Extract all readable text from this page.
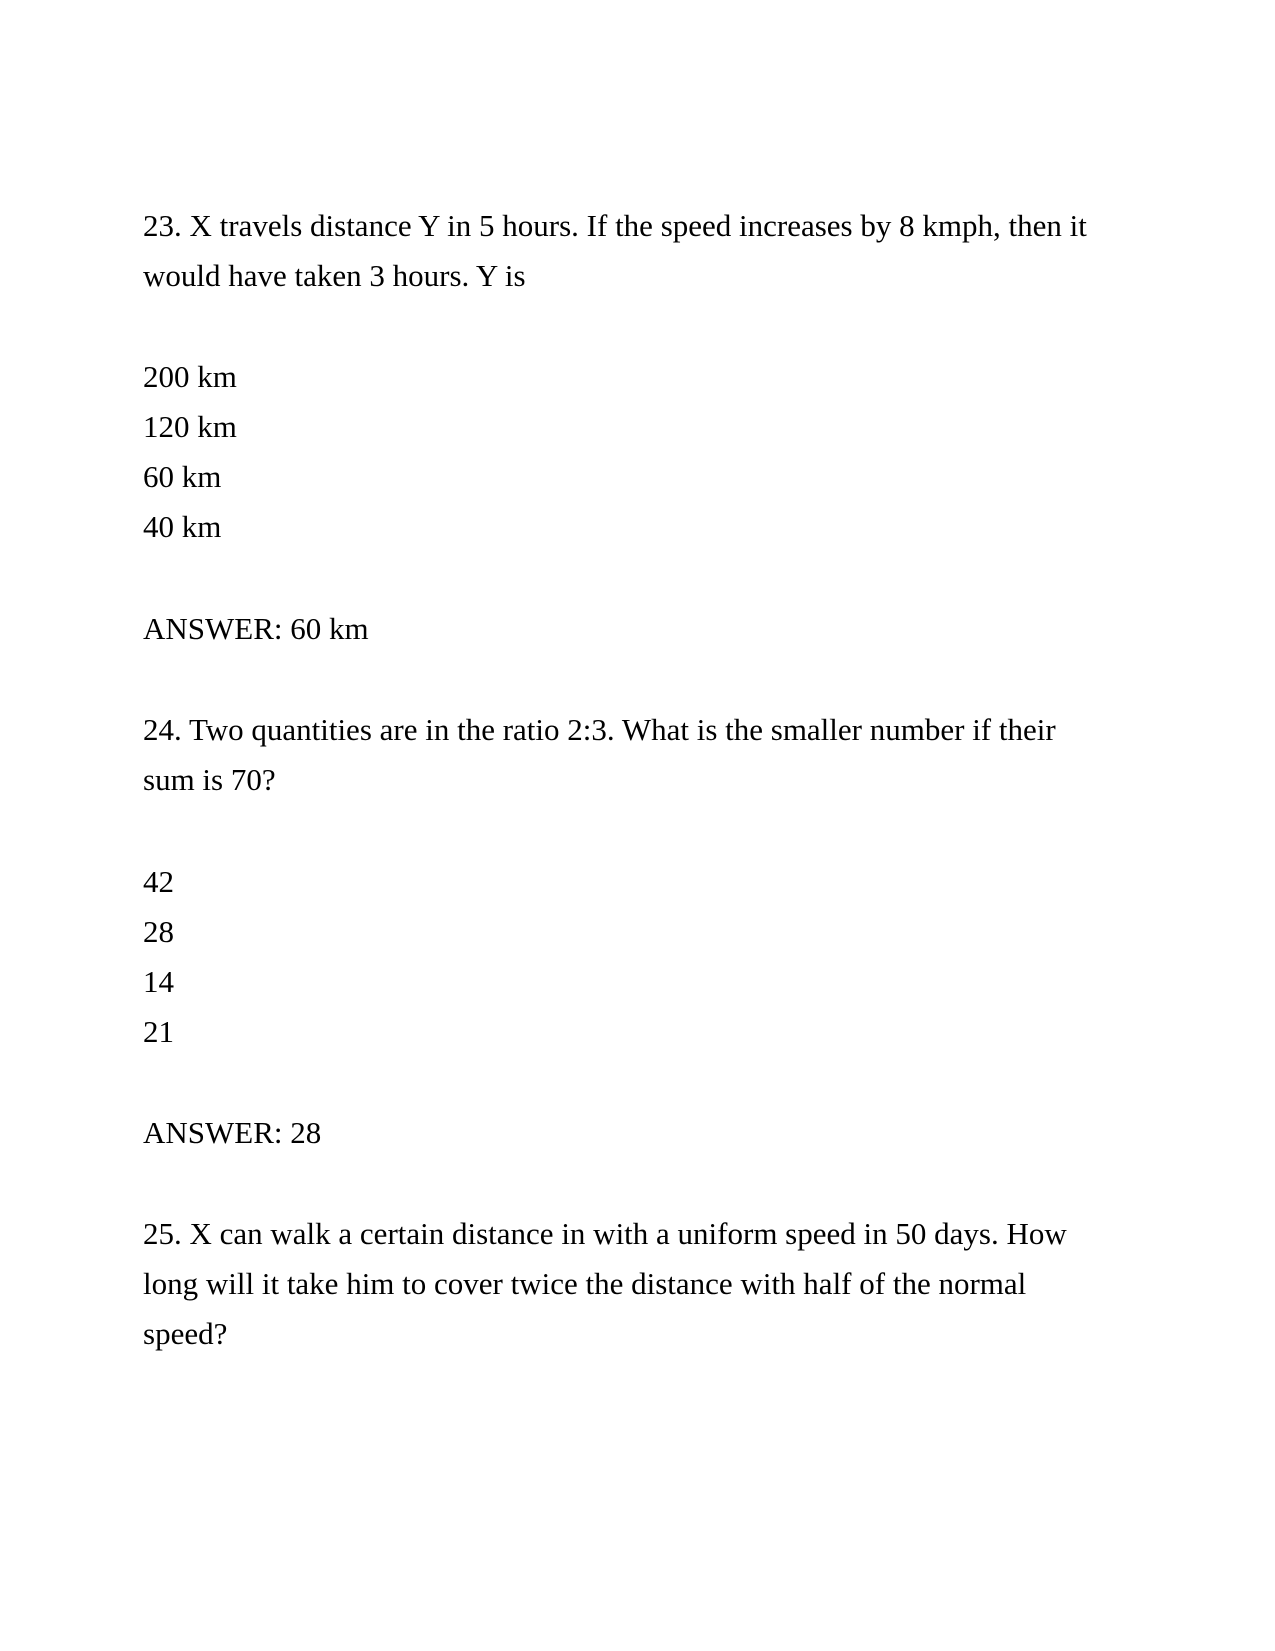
23. X travels distance Y in 5 hours. If the speed increases by 8 kmph, then it
would have taken 3 hours. Y is
200 km
120 km
60 km
40 km
ANSWER: 60 km
24. Two quantities are in the ratio 2:3. What is the smaller number if their
sum is 70?
42
28
14
21
ANSWER: 28
25. X can walk a certain distance in with a uniform speed in 50 days. How
long will it take him to cover twice the distance with half of the normal
speed?
